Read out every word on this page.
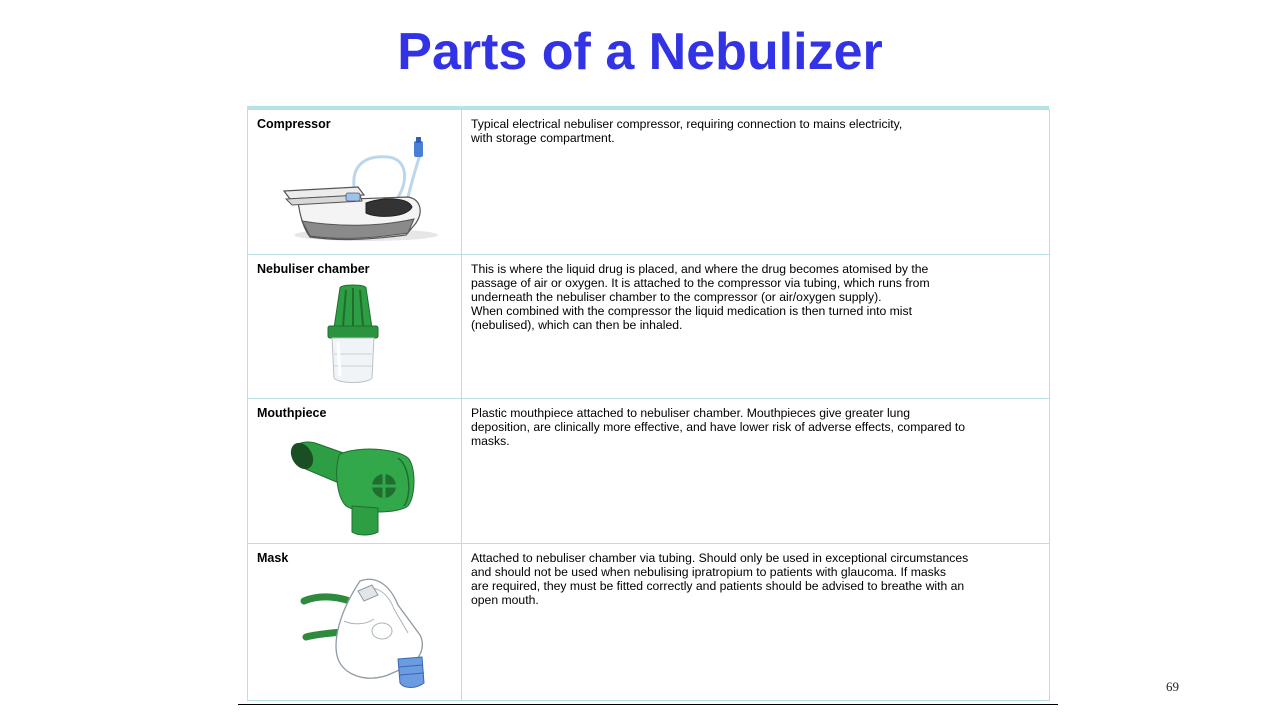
Parts of a Nebulizer
Compressor	Typical electrical nebuliser compressor, requiring connection to mains electricity,
with storage compartment.

Nebuliser chamber	This is where the liquid drug is placed, and where the drug becomes atomised by the
passage of air or oxygen. It is attached to the compressor via tubing, which runs from
underneath the nebuliser chamber to the compressor (or air/oxygen supply).
When combined with the compressor the liquid medication is then turned into mist
(nebulised), which can then be inhaled.

Mouthpiece	Plastic mouthpiece attached to nebuliser chamber. Mouthpieces give greater lung
deposition, are clinically more effective, and have lower risk of adverse effects, compared to
masks.

Mask	Attached to nebuliser chamber via tubing. Should only be used in exceptional circumstances
and should not be used when nebulising ipratropium to patients with glaucoma. If masks
are required, they must be fitted correctly and patients should be advised to breathe with an
open mouth.
69
